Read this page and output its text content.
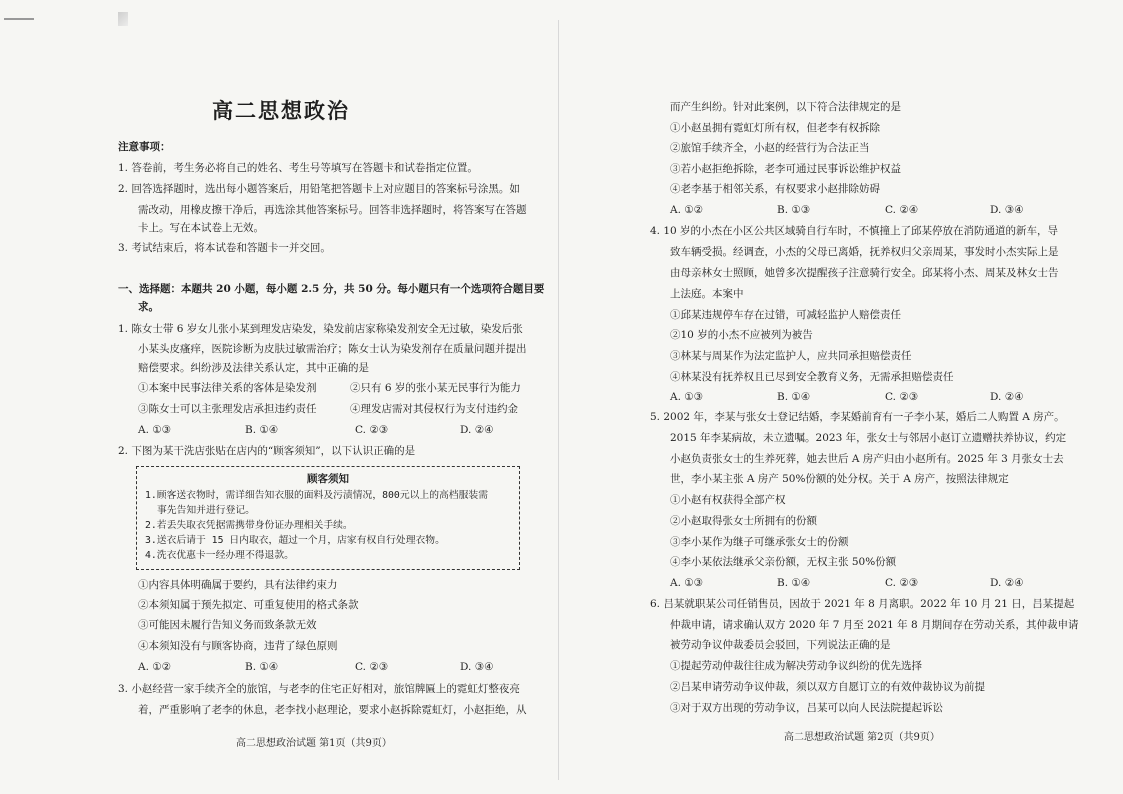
高二思想政治
注意事项：
1. 答卷前，考生务必将自己的姓名、考生号等填写在答题卡和试卷指定位置。
2. 回答选择题时，选出每小题答案后，用铅笔把答题卡上对应题目的答案标号涂黑。如
需改动，用橡皮擦干净后，再选涂其他答案标号。回答非选择题时，将答案写在答题
卡上。写在本试卷上无效。
3. 考试结束后，将本试卷和答题卡一并交回。
一、选择题：本题共 20 小题，每小题 2.5 分，共 50 分。每小题只有一个选项符合题目要
求。
1. 陈女士带 6 岁女儿张小某到理发店染发，染发前店家称染发剂安全无过敏，染发后张
小某头皮瘙痒，医院诊断为皮肤过敏需治疗；陈女士认为染发剂存在质量问题并提出
赔偿要求。纠纷涉及法律关系认定，其中正确的是
①本案中民事法律关系的客体是染发剂	②只有 6 岁的张小某无民事行为能力
③陈女士可以主张理发店承担违约责任	④理发店需对其侵权行为支付违约金
A. ①③	B. ①④	C. ②③	D. ②④
2. 下图为某干洗店张贴在店内的“顾客须知”，以下认识正确的是
顾客须知
1.顾客送衣物时，需详细告知衣服的面料及污渍情况，800元以上的高档服装需
事先告知并进行登记。
2.若丢失取衣凭据需携带身份证办理相关手续。
3.送衣后请于 15 日内取衣，超过一个月，店家有权自行处理衣物。
4.洗衣优惠卡一经办理不得退款。
①内容具体明确属于要约，具有法律约束力
②本须知属于预先拟定、可重复使用的格式条款
③可能因未履行告知义务而致条款无效
④本须知没有与顾客协商，违背了绿色原则
A. ①②	B. ①④	C. ②③	D. ③④
3. 小赵经营一家手续齐全的旅馆，与老李的住宅正好相对，旅馆牌匾上的霓虹灯整夜亮
着，严重影响了老李的休息，老李找小赵理论，要求小赵拆除霓虹灯，小赵拒绝，从
高二思想政治试题 第1页（共9页）
而产生纠纷。针对此案例，以下符合法律规定的是
①小赵虽拥有霓虹灯所有权，但老李有权拆除
②旅馆手续齐全，小赵的经营行为合法正当
③若小赵拒绝拆除，老李可通过民事诉讼维护权益
④老李基于相邻关系，有权要求小赵排除妨碍
A. ①②	B. ①③	C. ②④	D. ③④
4. 10 岁的小杰在小区公共区域骑自行车时，不慎撞上了邱某停放在消防通道的新车，导
致车辆受损。经调查，小杰的父母已离婚，抚养权归父亲周某，事发时小杰实际上是
由母亲林女士照顾，她曾多次提醒孩子注意骑行安全。邱某将小杰、周某及林女士告
上法庭。本案中
①邱某违规停车存在过错，可减轻监护人赔偿责任
②10 岁的小杰不应被列为被告
③林某与周某作为法定监护人，应共同承担赔偿责任
④林某没有抚养权且已尽到安全教育义务，无需承担赔偿责任
A. ①③	B. ①④	C. ②③	D. ②④
5. 2002 年，李某与张女士登记结婚，李某婚前育有一子李小某，婚后二人购置 A 房产。
2015 年李某病故，未立遗嘱。2023 年，张女士与邻居小赵订立遗赠扶养协议，约定
小赵负责张女士的生养死葬，她去世后 A 房产归由小赵所有。2025 年 3 月张女士去
世，李小某主张 A 房产 50%份额的处分权。关于 A 房产，按照法律规定
①小赵有权获得全部产权
②小赵取得张女士所拥有的份额
③李小某作为继子可继承张女士的份额
④李小某依法继承父亲份额，无权主张 50%份额
A. ①③	B. ①④	C. ②③	D. ②④
6. 吕某就职某公司任销售员，因故于 2021 年 8 月离职。2022 年 10 月 21 日，吕某提起
仲裁申请，请求确认双方 2020 年 7 月至 2021 年 8 月期间存在劳动关系，其仲裁申请
被劳动争议仲裁委员会驳回，下列说法正确的是
①提起劳动仲裁往往成为解决劳动争议纠纷的优先选择
②吕某申请劳动争议仲裁，须以双方自愿订立的有效仲裁协议为前提
③对于双方出现的劳动争议，吕某可以向人民法院提起诉讼
高二思想政治试题 第2页（共9页）
